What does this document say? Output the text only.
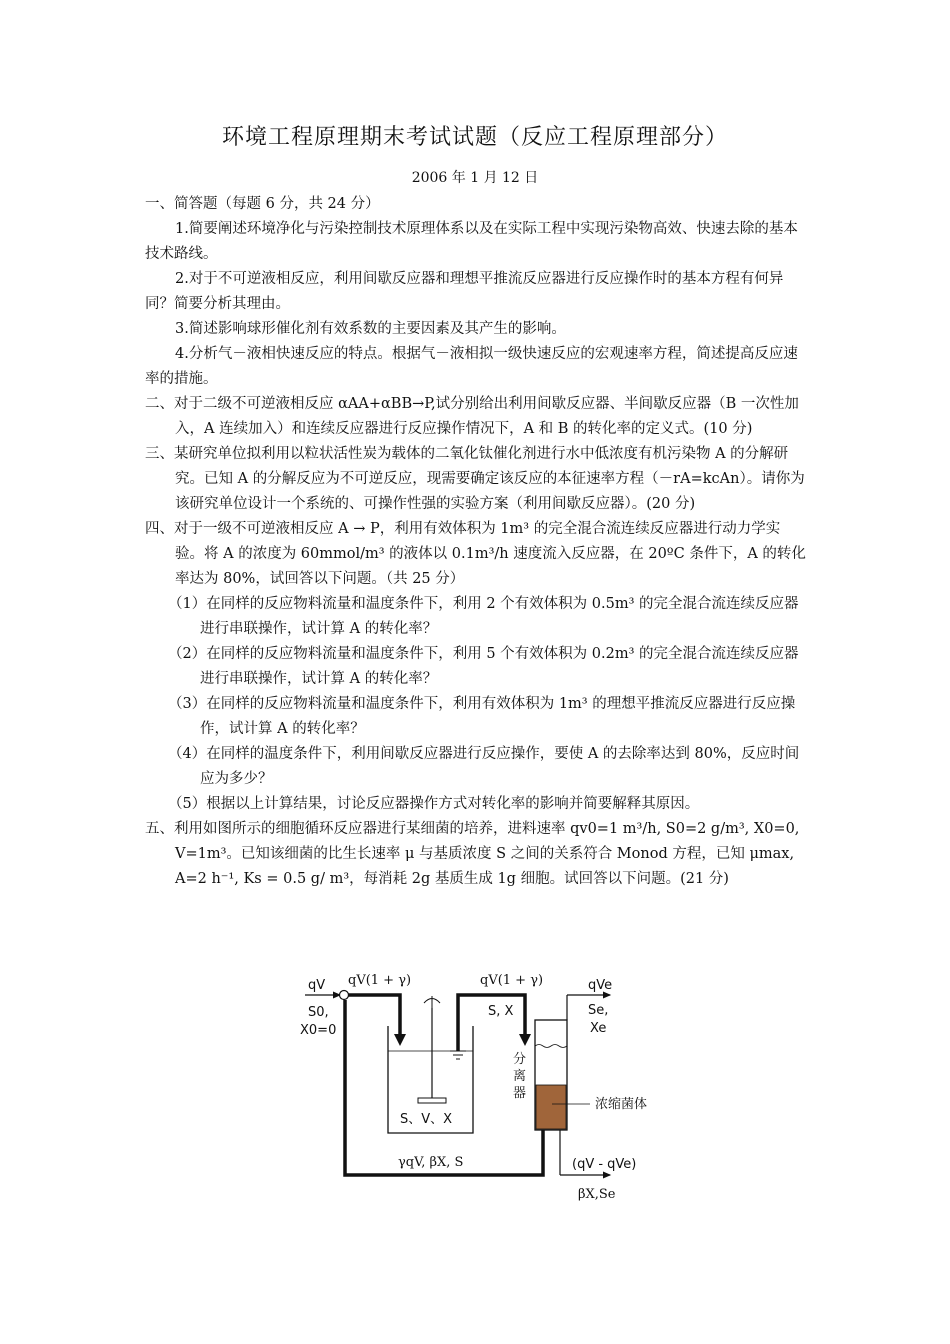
环境工程原理期末考试试题（反应工程原理部分）
2006 年 1 月 12 日

一、简答题（每题 6 分，共 24 分）

1.简要阐述环境净化与污染控制技术原理体系以及在实际工程中实现污染物高效、快速去除的基本技术路线。

2.对于不可逆液相反应，利用间歇反应器和理想平推流反应器进行反应操作时的基本方程有何异同？简要分析其理由。

3.简述影响球形催化剂有效系数的主要因素及其产生的影响。

4.分析气－液相快速反应的特点。根据气－液相拟一级快速反应的宏观速率方程，简述提高反应速率的措施。

二、对于二级不可逆液相反应 αAA+αBB→P,试分别给出利用间歇反应器、半间歇反应器（B 一次性加入，A 连续加入）和连续反应器进行反应操作情况下，A 和 B 的转化率的定义式。(10 分)

三、某研究单位拟利用以粒状活性炭为载体的二氧化钛催化剂进行水中低浓度有机污染物 A 的分解研究。已知 A 的分解反应为不可逆反应，现需要确定该反应的本征速率方程（－rA=kcAn）。请你为该研究单位设计一个系统的、可操作性强的实验方案（利用间歇反应器）。(20 分)

四、对于一级不可逆液相反应 A → P，利用有效体积为 1m³ 的完全混合流连续反应器进行动力学实验。将 A 的浓度为 60mmol/m³ 的液体以 0.1m³/h 速度流入反应器，在 20ºC 条件下，A 的转化率达为 80%，试回答以下问题。（共 25 分）

（1）在同样的反应物料流量和温度条件下，利用 2 个有效体积为 0.5m³ 的完全混合流连续反应器进行串联操作，试计算 A 的转化率？

（2）在同样的反应物料流量和温度条件下，利用 5 个有效体积为 0.2m³ 的完全混合流连续反应器进行串联操作，试计算 A 的转化率？

（3）在同样的反应物料流量和温度条件下，利用有效体积为 1m³ 的理想平推流反应器进行反应操作，试计算 A 的转化率？

（4）在同样的温度条件下，利用间歇反应器进行反应操作，要使 A 的去除率达到 80%，反应时间应为多少？

（5）根据以上计算结果，讨论反应器操作方式对转化率的影响并简要解释其原因。

五、利用如图所示的细胞循环反应器进行某细菌的培养，进料速率 qv0=1 m³/h, S0=2 g/m³, X0=0, V=1m³。已知该细菌的比生长速率 μ 与基质浓度 S 之间的关系符合 Monod 方程，已知 μmax, A=2 h⁻¹, Ks = 0.5 g/ m³，每消耗 2g 基质生成 1g 细胞。试回答以下问题。(21 分)

S、V、X
分离器
浓缩菌体
qV
S0,
X0=0
qV(1 + γ)	qV(1 + γ)
S, X
qVe
Se,
Xe
γqV, βX, S	(qV - qVe)
βX,Se
